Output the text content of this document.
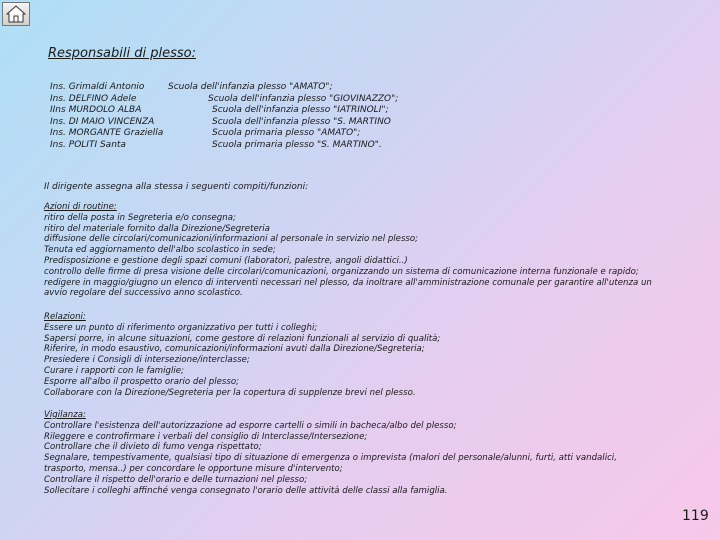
Responsabili di plesso:
Ins. Grimaldi Antonio
Ins. DELFINO Adele
IIns MURDOLO ALBA
Ins. DI MAIO VINCENZA
Ins. MORGANTE Graziella
Ins. POLITI Santa
Scuola dell'infanzia plesso "AMATO";
Scuola dell'infanzia plesso "GIOVINAZZO";
Scuola dell'infanzia plesso "IATRINOLI";
Scuola dell'infanzia plesso "S. MARTINO
Scuola primaria plesso "AMATO";
Scuola primaria plesso "S. MARTINO".
Il dirigente assegna alla stessa i seguenti compiti/funzioni:
Azioni di routine:
ritiro della posta in Segreteria e/o consegna;
ritiro del materiale fornito dalla Direzione/Segreteria
diffusione delle circolari/comunicazioni/informazioni al personale in servizio nel plesso;
Tenuta ed aggiornamento dell'albo scolastico in sede;
Predisposizione e gestione degli spazi comuni (laboratori, palestre, angoli didattici..)
controllo delle firme di presa visione delle circolari/comunicazioni, organizzando un sistema di comunicazione interna funzionale e rapido;
redigere in maggio/giugno un elenco di interventi necessari nel plesso, da inoltrare all'amministrazione comunale per garantire all'utenza un
avvio regolare del successivo anno scolastico.
Relazioni:
Essere un punto di riferimento organizzativo per tutti i colleghi;
Sapersi porre, in alcune situazioni, come gestore di relazioni funzionali al servizio di qualità;
Riferire, in modo esaustivo, comunicazioni/informazioni avuti dalla Direzione/Segreteria;
Presiedere i Consigli di intersezione/interclasse;
Curare i rapporti con le famiglie;
Esporre all'albo il prospetto orario del plesso;
Collaborare con la Direzione/Segreteria per la copertura di supplenze brevi nel plesso.
Vigilanza:
Controllare l'esistenza dell'autorizzazione ad esporre cartelli o simili in bacheca/albo del plesso;
Rileggere e controfirmare i verbali del consiglio di Interclasse/Intersezione;
Controllare che il divieto di fumo venga rispettato;
Segnalare, tempestivamente, qualsiasi tipo di situazione di emergenza o imprevista (malori del personale/alunni, furti, atti vandalici,
trasporto, mensa..) per concordare le opportune misure d'intervento;
Controllare il rispetto dell'orario e delle turnazioni nel plesso;
Sollecitare i colleghi affinché venga consegnato l'orario delle attività delle classi alla famiglia.
119
